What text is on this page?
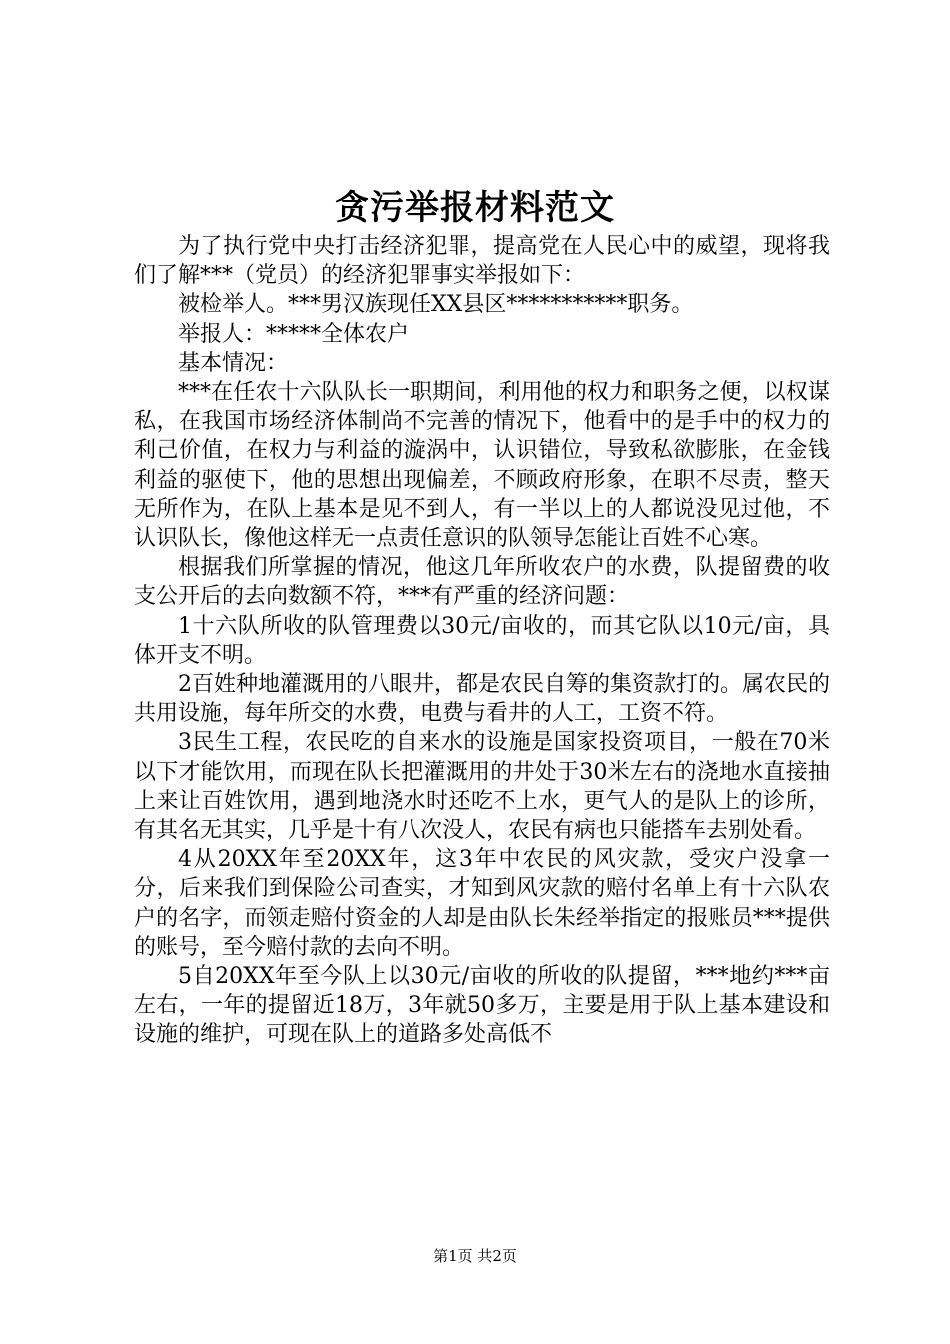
贪污举报材料范文

为了执行党中央打击经济犯罪，提高党在人民心中的威望，现将我们了解***（党员）的经济犯罪事实举报如下：

被检举人。***男汉族现任XX县区***********职务。

举报人：*****全体农户

基本情况：

***在任农十六队队长一职期间，利用他的权力和职务之便，以权谋私，在我国市场经济体制尚不完善的情况下，他看中的是手中的权力的利己价值，在权力与利益的漩涡中，认识错位，导致私欲膨胀，在金钱利益的驱使下，他的思想出现偏差，不顾政府形象，在职不尽责，整天无所作为，在队上基本是见不到人，有一半以上的人都说没见过他，不认识队长，像他这样无一点责任意识的队领导怎能让百姓不心寒。

根据我们所掌握的情况，他这几年所收农户的水费，队提留费的收支公开后的去向数额不符，***有严重的经济问题：

1十六队所收的队管理费以30元/亩收的，而其它队以10元/亩，具体开支不明。

2百姓种地灌溉用的八眼井，都是农民自筹的集资款打的。属农民的共用设施，每年所交的水费，电费与看井的人工，工资不符。

3民生工程，农民吃的自来水的设施是国家投资项目，一般在70米以下才能饮用，而现在队长把灌溉用的井处于30米左右的浇地水直接抽上来让百姓饮用，遇到地浇水时还吃不上水，更气人的是队上的诊所，有其名无其实，几乎是十有八次没人，农民有病也只能搭车去别处看。

4从20XX年至20XX年，这3年中农民的风灾款，受灾户没拿一分，后来我们到保险公司查实，才知到风灾款的赔付名单上有十六队农户的名字，而领走赔付资金的人却是由队长朱经举指定的报账员***提供的账号，至今赔付款的去向不明。

5自20XX年至今队上以30元/亩收的所收的队提留，***地约***亩左右，一年的提留近18万，3年就50多万，主要是用于队上基本建设和设施的维护，可现在队上的道路多处高低不

第1页 共2页
